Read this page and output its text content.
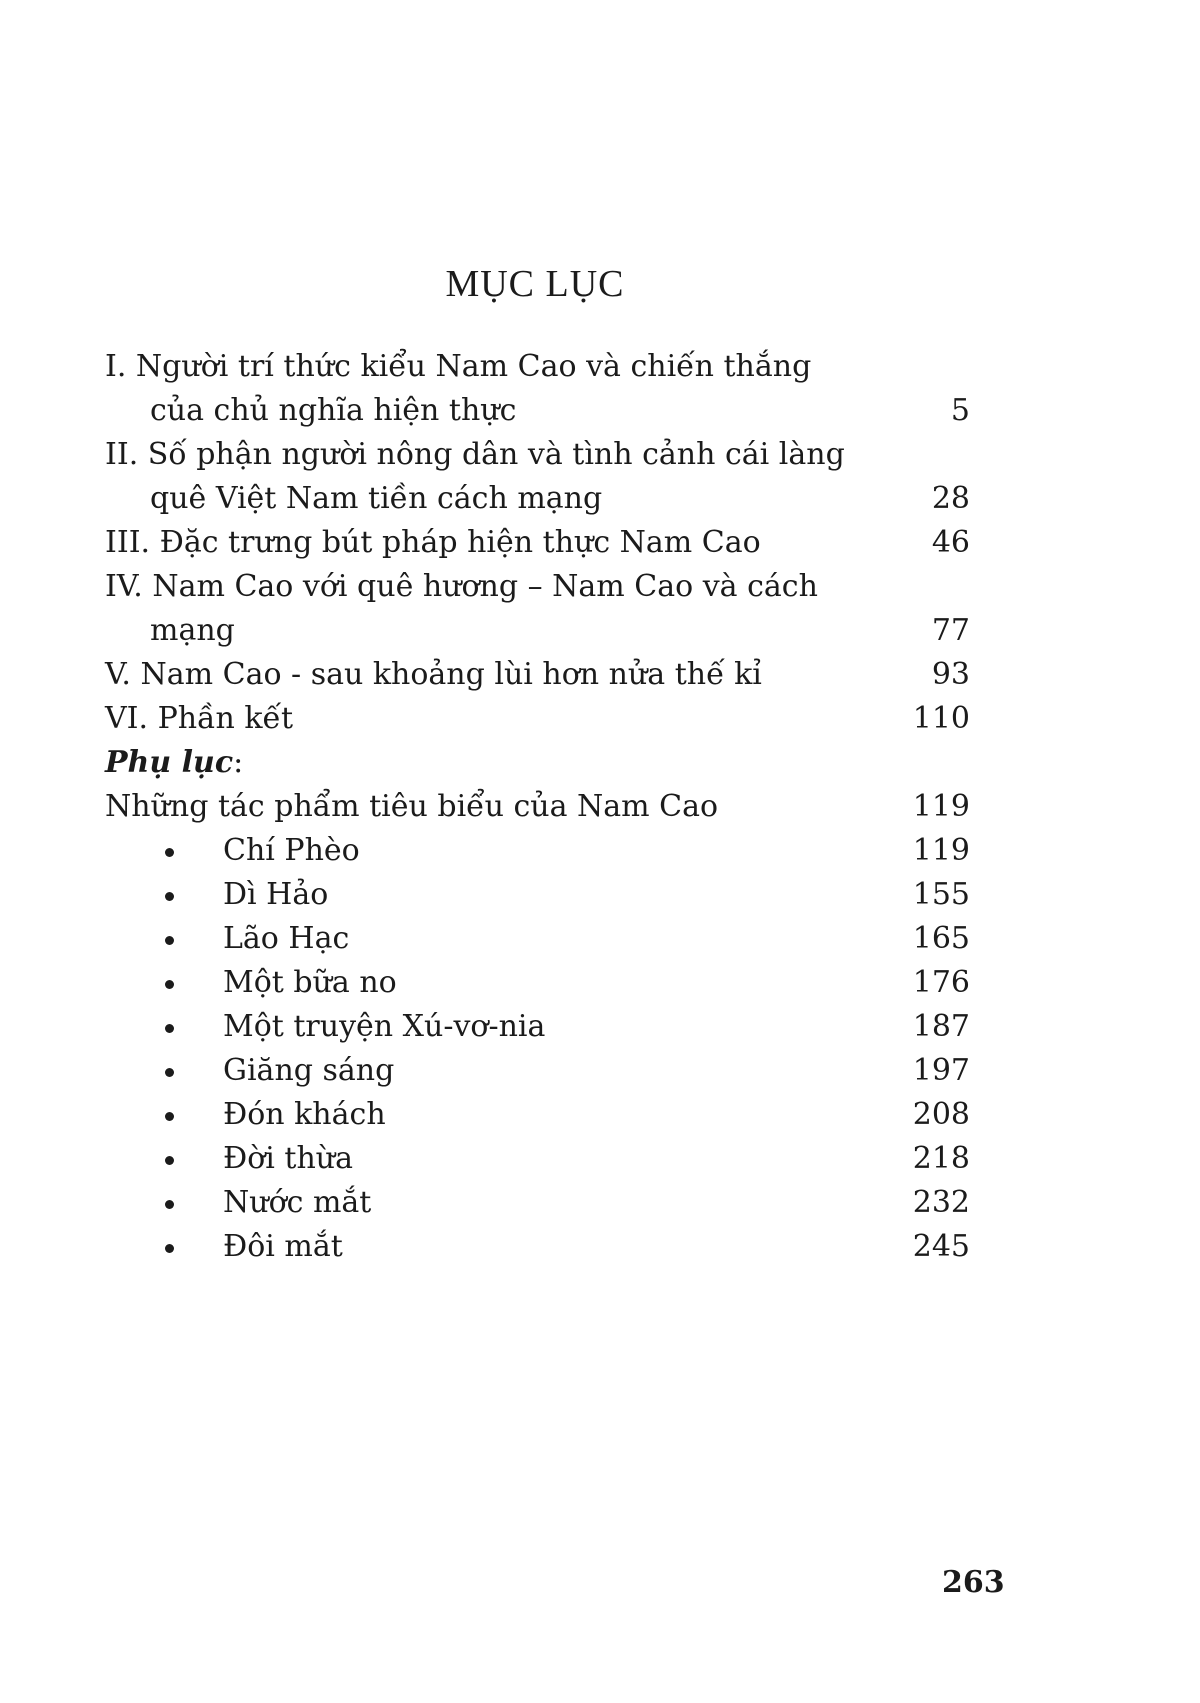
MỤC LỤC
I. Người trí thức kiểu Nam Cao và chiến thắng
của chủ nghĩa hiện thực	5
II. Số phận người nông dân và tình cảnh cái làng
quê Việt Nam tiền cách mạng	28
III. Đặc trưng bút pháp hiện thực Nam Cao	46
IV. Nam Cao với quê hương – Nam Cao và cách
mạng	77
V. Nam Cao - sau khoảng lùi hơn nửa thế kỉ	93
VI. Phần kết	110
Phụ lục:
Những tác phẩm tiêu biểu của Nam Cao	119
Chí Phèo	119
Dì Hảo	155
Lão Hạc	165
Một bữa no	176
Một truyện Xú-vơ-nia	187
Giăng sáng	197
Đón khách	208
Đời thừa	218
Nước mắt	232
Đôi mắt	245
263
